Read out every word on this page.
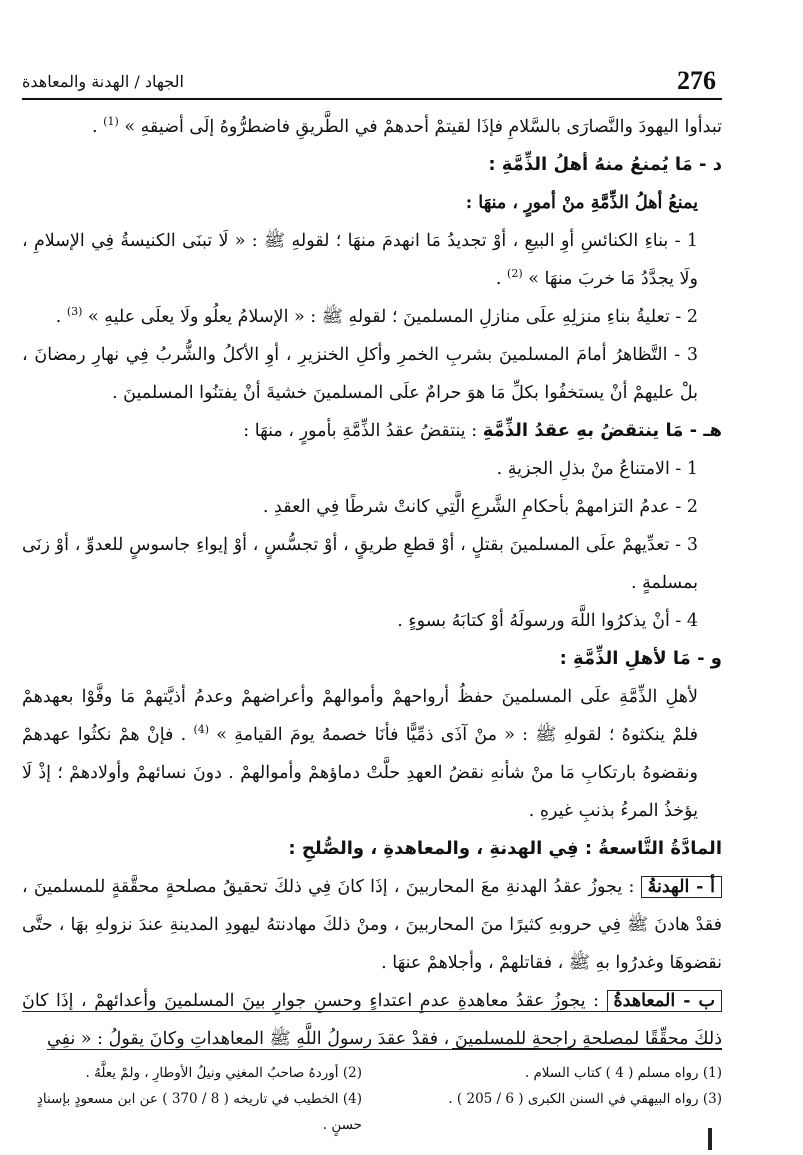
276
الجهاد / الهدنة والمعاهدة

تبدأوا اليهودَ والنَّصارَى بالسَّلامِ فإذَا لقيتمْ أحدهمْ في الطَّريقِ فاضطرُّوهُ إلَى أضيقهِ » $^{(1)}$ .

د - مَا يُمنعُ منهُ أهلُ الذِّمَّةِ :

يمنعُ أهلُ الذِّمَّةِ منْ أمورٍ ، منهَا :

1 - بناءِ الكنائسِ أوِ البيعِ ، أوْ تجديدُ مَا انهدمَ منهَا ؛ لقولهِ ﷺ : « لَا تبنَى الكنيسةُ فِي الإسلامِ ، ولَا يجدَّدُ مَا خربَ منهَا » $^{(2)}$ .

2 - تعليةُ بناءِ منزلِهِ علَى منازلِ المسلمينَ ؛ لقولهِ ﷺ : « الإسلامُ يعلُو ولَا يعلَى عليهِ » $^{(3)}$ .

3 - التَّظاهرُ أمامَ المسلمينَ بشربِ الخمرِ وأكلِ الخنزيرِ ، أوِ الأكلُ والشُّربُ فِي نهارِ رمضانَ ، بلْ عليهمْ أنْ يستخفُوا بكلِّ مَا هوَ حرامٌ علَى المسلمينَ خشيةَ أنْ يفتنُوا المسلمينَ .

هـ - مَا ينتقضُ بهِ عقدُ الذِّمَّةِ : ينتقضُ عقدُ الذِّمَّةِ بأمورٍ ، منهَا :

1 - الامتناعُ منْ بذلِ الجزيةِ .

2 - عدمُ التزامهمْ بأحكامِ الشَّرعِ الَّتِي كانتْ شرطًا فِي العقدِ .

3 - تعدِّيهمْ علَى المسلمينَ بقتلٍ ، أوْ قطعِ طريقٍ ، أوْ تجسُّسٍ ، أوْ إيواءِ جاسوسٍ للعدوِّ ، أوْ زنَى بمسلمةٍ .

4 - أنْ يذكرُوا اللَّهَ ورسولَهُ أوْ كتابَهُ بسوءٍ .

و - مَا لأهلِ الذِّمَّةِ :

لأهلِ الذِّمَّةِ علَى المسلمينَ حفظُ أرواحهمْ وأموالهمْ وأعراضهمْ وعدمُ أذيَّتهمْ مَا وفَّوْا بعهدهمْ فلمْ ينكثوهُ ؛ لقولهِ ﷺ : « منْ آذَى ذمِّيًّا فأنَا خصمهُ يومَ القيامةِ » $^{(4)}$ . فإنْ همْ نكثُوا عهدهمْ ونقضوهُ بارتكابِ مَا منْ شأنهِ نقضُ العهدِ حلَّتْ دماؤهمْ وأموالهمْ . دونَ نسائهمْ وأولادهمْ ؛ إذْ لَا يؤخذُ المرءُ بذنبِ غيرهِ .

المادَّةُ التَّاسعةُ : فِي الهدنةِ ، والمعاهدةِ ، والصُّلحِ :

أ - الهدنةُ : يجوزُ عقدُ الهدنةِ معَ المحاربينَ ، إذَا كانَ فِي ذلكَ تحقيقُ مصلحةٍ محقَّقةٍ للمسلمينَ ، فقدْ هادنَ ﷺ فِي حروبهِ كثيرًا منَ المحاربينَ ، ومنْ ذلكَ مهادنتهُ ليهودِ المدينةِ عندَ نزولهِ بهَا ، حتَّى نقضوهَا وغدرُوا بهِ ﷺ ، فقاتلهمْ ، وأجلاهمْ عنهَا .

ب - المعاهدةُ : يجوزُ عقدُ معاهدةِ عدمِ اعتداءٍ وحسنِ جوارٍ بينَ المسلمينَ وأعدائهمْ ، إذَا كانَ ذلكَ محقِّقًا لمصلحةٍ راجحةٍ للمسلمينَ ، فقدْ عقدَ رسولُ اللَّهِ ﷺ المعاهداتِ وكانَ يقولُ : « نفِي

(1) رواه مسلم ( 4 ) كتاب السلام .
(2) أوردهُ صاحبُ المغنِي ونيلُ الأوطارِ ، ولمْ يعلَّهُ .
(3) رواه البيهقي في السنن الكبرى ( 6 / 205 ) .
(4) الخطيب في تاريخه ( 8 / 370 ) عن ابن مسعودٍ بإسنادٍ حسنٍ .
